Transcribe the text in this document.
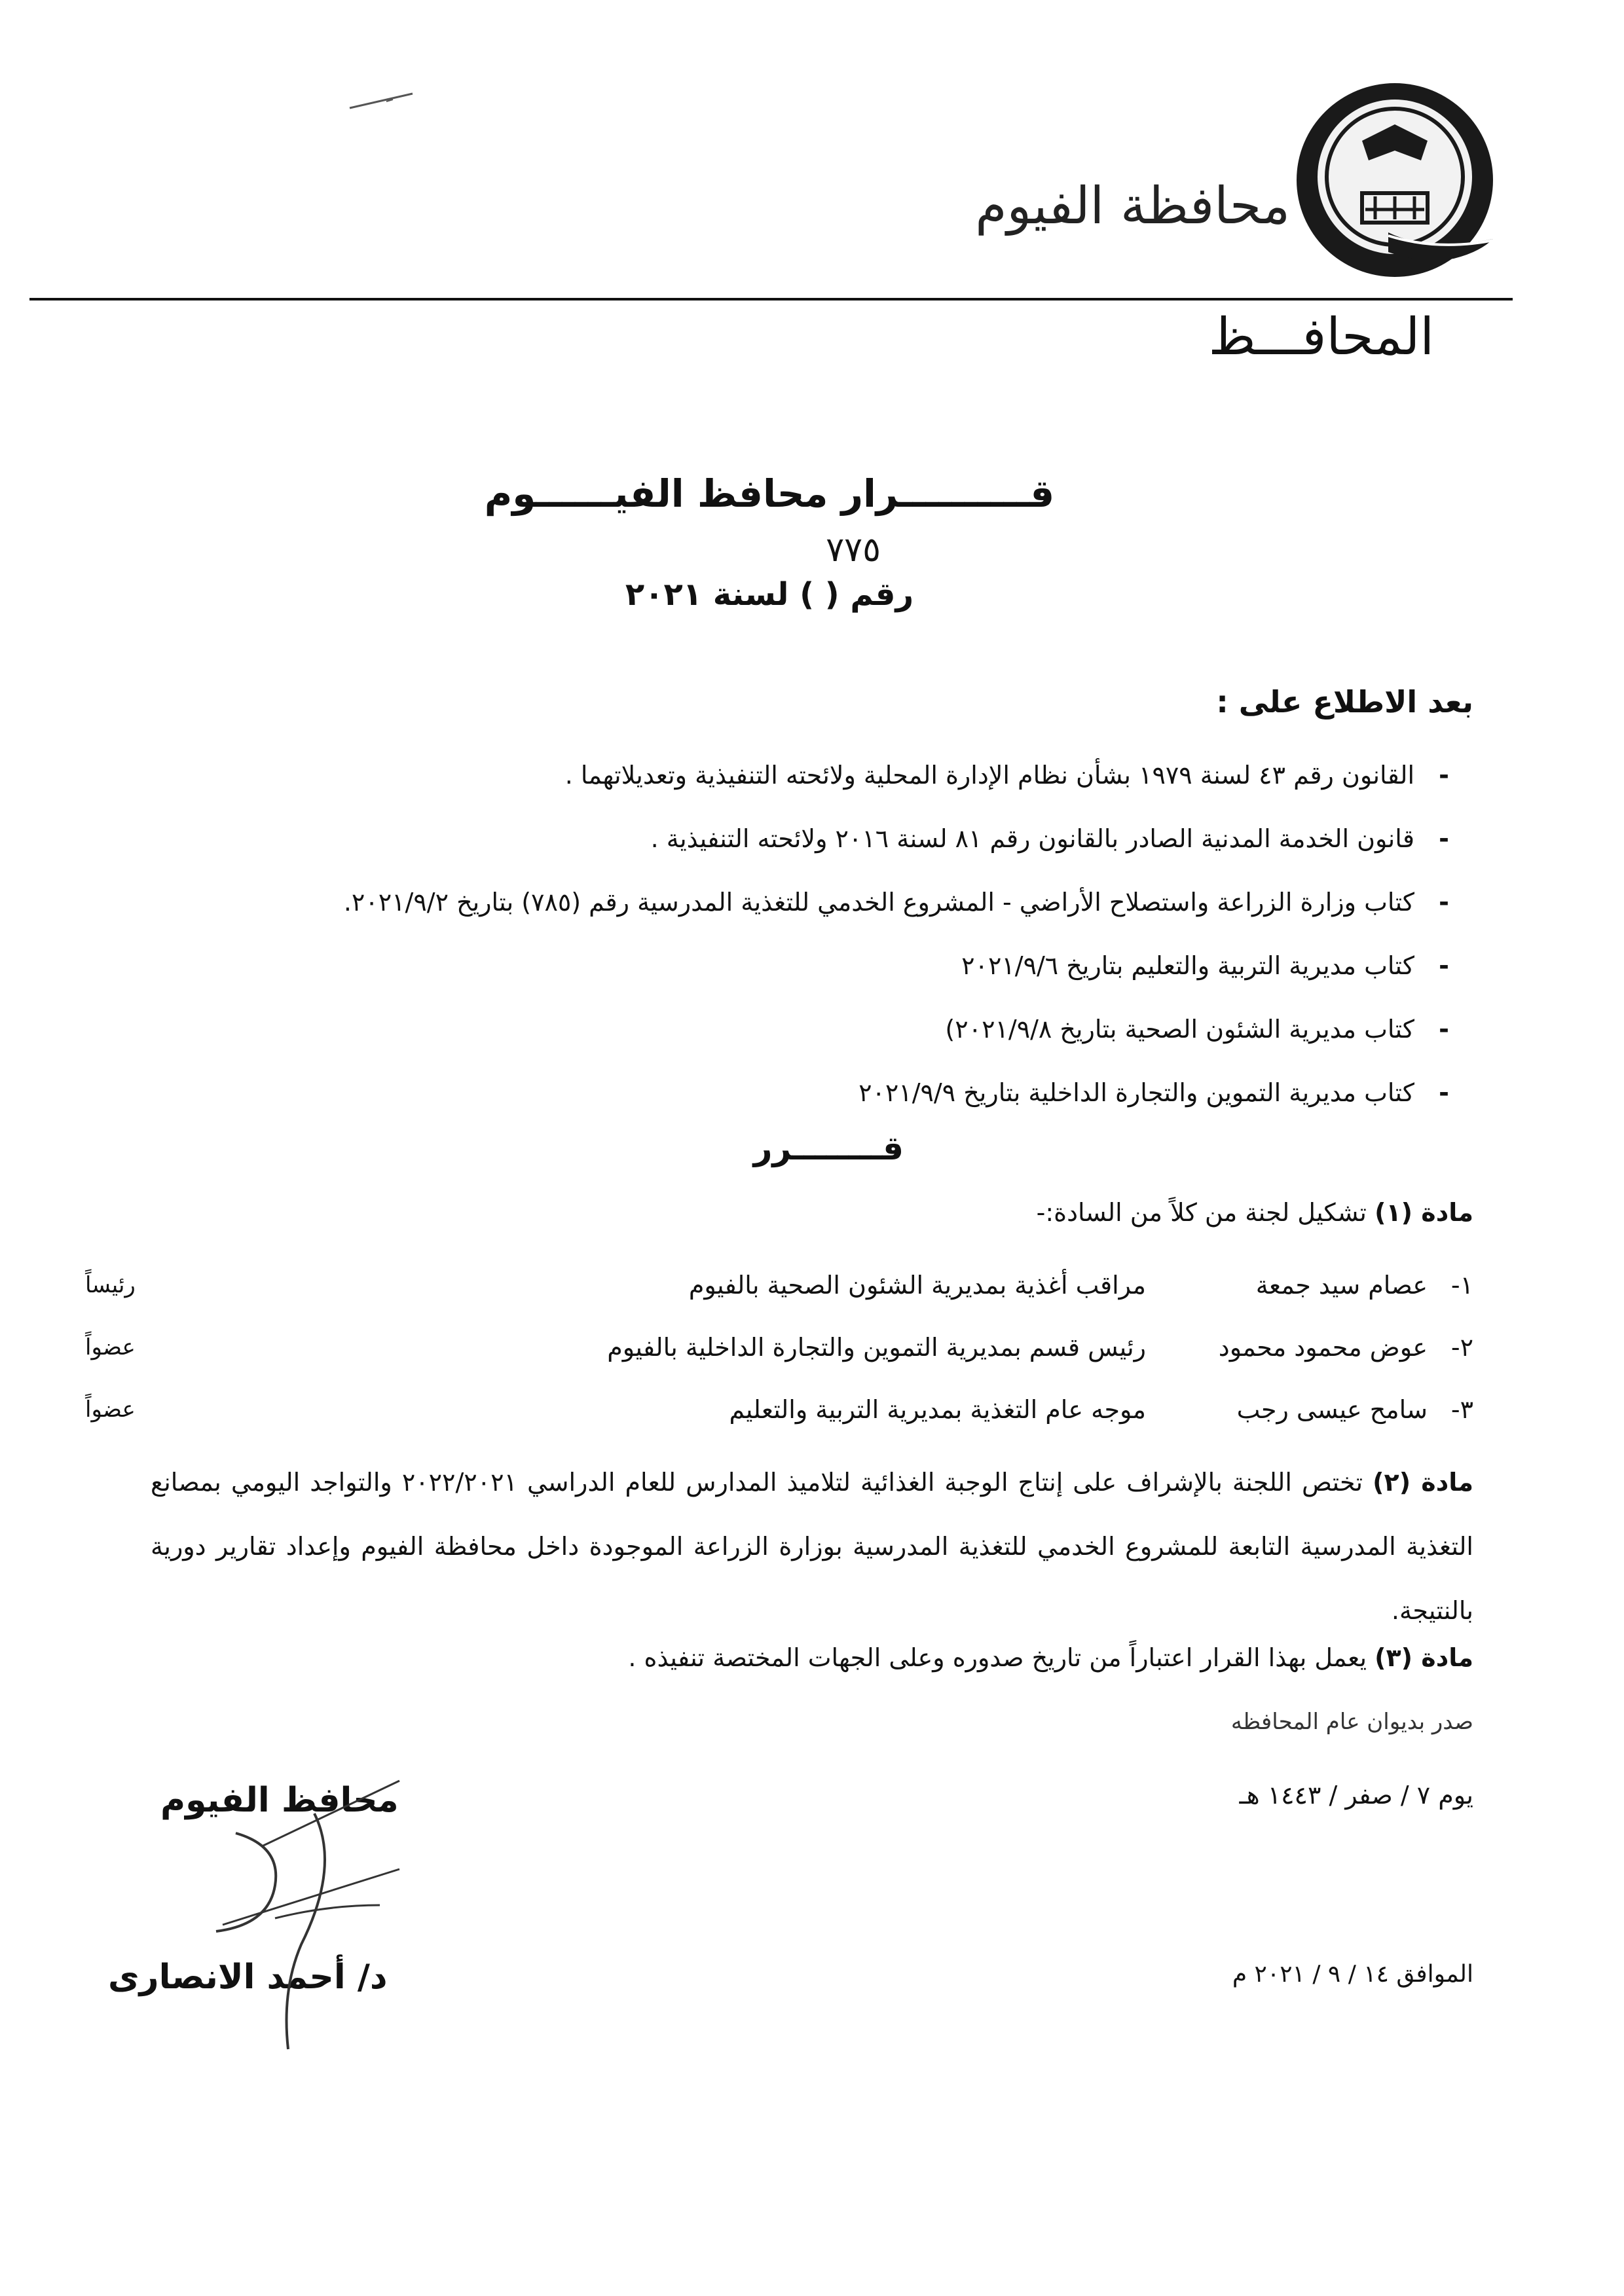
محافظة الفيوم
المحافـــظ
قــــــــــرار محافظ الفيــــــوم
٧٧٥
رقم ( ) لسنة ٢٠٢١
بعد الاطلاع على :
-
القانون رقم ٤٣ لسنة ١٩٧٩ بشأن نظام الإدارة المحلية ولائحته التنفيذية وتعديلاتهما .
-
قانون الخدمة المدنية الصادر بالقانون رقم ٨١ لسنة ٢٠١٦ ولائحته التنفيذية .
-
كتاب وزارة الزراعة واستصلاح الأراضي - المشروع الخدمي للتغذية المدرسية رقم (٧٨٥) بتاريخ ٢٠٢١/٩/٢.
-
كتاب مديرية التربية والتعليم بتاريخ ٢٠٢١/٩/٦
-
كتاب مديرية الشئون الصحية بتاريخ ٢٠٢١/٩/٨)
-
كتاب مديرية التموين والتجارة الداخلية بتاريخ ٢٠٢١/٩/٩
قــــــــرر
مادة (١) تشكيل لجنة من كلاً من السادة:-
١-
عصام سيد جمعة
مراقب أغذية بمديرية الشئون الصحية بالفيوم
رئيساً
٢-
عوض محمود محمود
رئيس قسم بمديرية التموين والتجارة الداخلية بالفيوم
عضواً
٣-
سامح عيسى رجب
موجه عام التغذية بمديرية التربية والتعليم
عضواً
مادة (٢) تختص اللجنة بالإشراف على إنتاج الوجبة الغذائية لتلاميذ المدارس للعام الدراسي ٢٠٢٢/٢٠٢١ والتواجد اليومي بمصانع التغذية المدرسية التابعة للمشروع الخدمي للتغذية المدرسية بوزارة الزراعة الموجودة داخل محافظة الفيوم وإعداد تقارير دورية بالنتيجة.
مادة (٣) يعمل بهذا القرار اعتباراً من تاريخ صدوره وعلى الجهات المختصة تنفيذه .
صدر بديوان عام المحافظه
يوم ٧ / صفر / ١٤٤٣ هـ
الموافق ١٤ / ٩ / ٢٠٢١ م
محافظ الفيوم
د/ أحمد الانصارى
